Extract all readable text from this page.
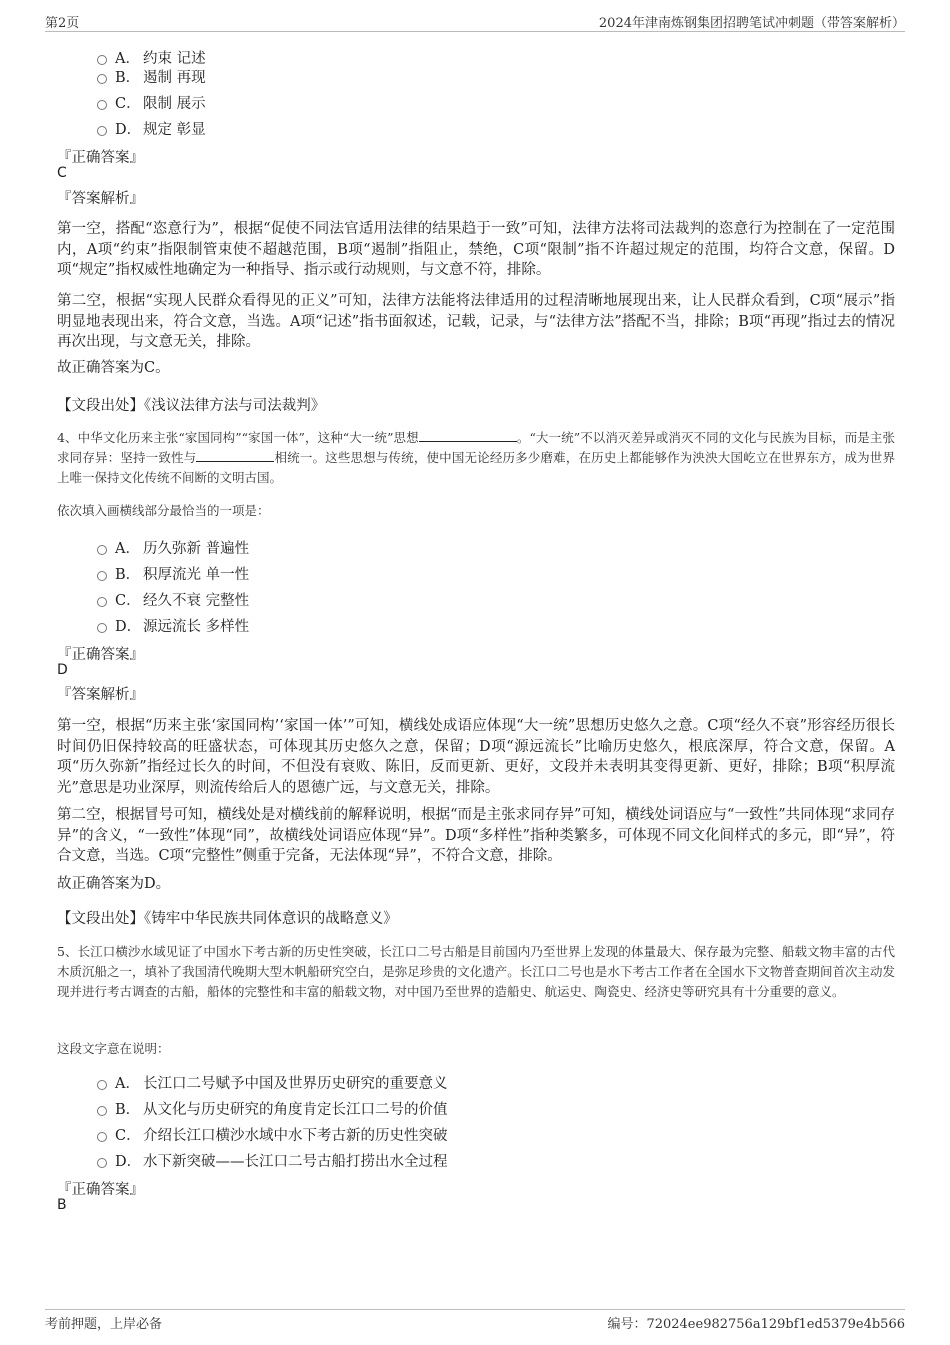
第2页	2024年津南炼钢集团招聘笔试冲刺题（带答案解析）
A． 约束 记述
B． 遏制 再现
C． 限制 展示
D． 规定 彰显
『正确答案』
C
『答案解析』

第一空，搭配“恣意行为”，根据“促使不同法官适用法律的结果趋于一致”可知，法律方法将司法裁判的恣意行为控制在了一定范围内，A项“约束”指限制管束使不超越范围，B项“遏制”指阻止，禁绝，C项“限制”指不许超过规定的范围，均符合文意，保留。D项“规定”指权威性地确定为一种指导、指示或行动规则，与文意不符，排除。

第二空，根据“实现人民群众看得见的正义”可知，法律方法能将法律适用的过程清晰地展现出来，让人民群众看到，C项“展示”指明显地表现出来，符合文意，当选。A项“记述”指书面叙述，记载，记录，与“法律方法”搭配不当，排除；B项“再现”指过去的情况再次出现，与文意无关，排除。

故正确答案为C。

【文段出处】《浅议法律方法与司法裁判》

4、中华文化历来主张“家国同构”“家国一体”，这种“大一统”思想	。“大一统”不以消灭差异或消灭不同的文化与民族为目标，而是主张求同存异：坚持一致性与	相统一。这些思想与传统，使中国无论经历多少磨难，在历史上都能够作为泱泱大国屹立在世界东方，成为世界上唯一保持文化传统不间断的文明古国。

依次填入画横线部分最恰当的一项是：
A． 历久弥新 普遍性
B． 积厚流光 单一性
C． 经久不衰 完整性
D． 源远流长 多样性
『正确答案』
D
『答案解析』

第一空，根据“历来主张‘家国同构’‘家国一体’”可知，横线处成语应体现“大一统”思想历史悠久之意。C项“经久不衰”形容经历很长时间仍旧保持较高的旺盛状态，可体现其历史悠久之意，保留；D项“源远流长”比喻历史悠久，根底深厚，符合文意，保留。A项“历久弥新”指经过长久的时间，不但没有衰败、陈旧，反而更新、更好，文段并未表明其变得更新、更好，排除；B项“积厚流光”意思是功业深厚，则流传给后人的恩德广远，与文意无关，排除。

第二空，根据冒号可知，横线处是对横线前的解释说明，根据“而是主张求同存异”可知，横线处词语应与“一致性”共同体现“求同存异”的含义，“一致性”体现“同”，故横线处词语应体现“异”。D项“多样性”指种类繁多，可体现不同文化间样式的多元，即“异”，符合文意，当选。C项“完整性”侧重于完备，无法体现“异”，不符合文意，排除。

故正确答案为D。

【文段出处】《铸牢中华民族共同体意识的战略意义》

5、长江口横沙水域见证了中国水下考古新的历史性突破，长江口二号古船是目前国内乃至世界上发现的体量最大、保存最为完整、船载文物丰富的古代木质沉船之一，填补了我国清代晚期大型木帆船研究空白，是弥足珍贵的文化遗产。长江口二号也是水下考古工作者在全国水下文物普查期间首次主动发现并进行考古调查的古船，船体的完整性和丰富的船载文物，对中国乃至世界的造船史、航运史、陶瓷史、经济史等研究具有十分重要的意义。

这段文字意在说明：
A． 长江口二号赋予中国及世界历史研究的重要意义
B． 从文化与历史研究的角度肯定长江口二号的价值
C． 介绍长江口横沙水域中水下考古新的历史性突破
D． 水下新突破——长江口二号古船打捞出水全过程
『正确答案』
B
考前押题，上岸必备	编号：72024ee982756a129bf1ed5379e4b566
